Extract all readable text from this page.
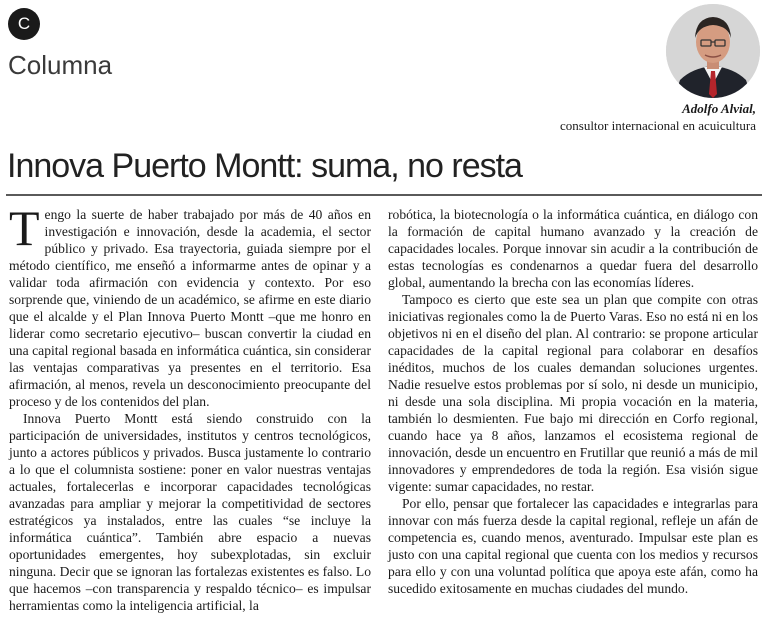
C
Columna
Adolfo Alvial,
consultor internacional en acuicultura
Innova Puerto Montt: suma, no resta

Tengo la suerte de haber trabajado por más de 40 años en investigación e innovación, desde la academia, el sector público y privado. Esa trayectoria, guiada siempre por el método científico, me enseñó a informarme antes de opinar y a validar toda afirmación con evidencia y contexto. Por eso sorprende que, viniendo de un académico, se afirme en este diario que el alcalde y el Plan Innova Puerto Montt –que me honro en liderar como secretario ejecutivo– buscan convertir la ciudad en una capital regional basada en informática cuántica, sin considerar las ventajas comparativas ya presentes en el territorio. Esa afirmación, al menos, revela un desconocimiento preocupante del proceso y de los contenidos del plan.

Innova Puerto Montt está siendo construido con la participación de universidades, institutos y centros tecnológicos, junto a actores públicos y privados. Busca justamente lo contrario a lo que el columnista sostiene: poner en valor nuestras ventajas actuales, fortalecerlas e incorporar capacidades tecnológicas avanzadas para ampliar y mejorar la competitividad de sectores estratégicos ya instalados, entre las cuales “se incluye la informática cuántica”. También abre espacio a nuevas oportunidades emergentes, hoy subexplotadas, sin excluir ninguna. Decir que se ignoran las fortalezas existentes es falso. Lo que hacemos –con transparencia y respaldo técnico– es impulsar herramientas como la inteligencia artificial, la

robótica, la biotecnología o la informática cuántica, en diálogo con la formación de capital humano avanzado y la creación de capacidades locales. Porque innovar sin acudir a la contribución de estas tecnologías es condenarnos a quedar fuera del desarrollo global, aumentando la brecha con las economías líderes.

Tampoco es cierto que este sea un plan que compite con otras iniciativas regionales como la de Puerto Varas. Eso no está ni en los objetivos ni en el diseño del plan. Al contrario: se propone articular capacidades de la capital regional para colaborar en desafíos inéditos, muchos de los cuales demandan soluciones urgentes. Nadie resuelve estos problemas por sí solo, ni desde un municipio, ni desde una sola disciplina. Mi propia vocación en la materia, también lo desmienten. Fue bajo mi dirección en Corfo regional, cuando hace ya 8 años, lanzamos el ecosistema regional de innovación, desde un encuentro en Frutillar que reunió a más de mil innovadores y emprendedores de toda la región. Esa visión sigue vigente: sumar capacidades, no restar.

Por ello, pensar que fortalecer las capacidades e integrarlas para innovar con más fuerza desde la capital regional, refleje un afán de competencia es, cuando menos, aventurado. Impulsar este plan es justo con una capital regional que cuenta con los medios y recursos para ello y con una voluntad política que apoya este afán, como ha sucedido exitosamente en muchas ciudades del mundo.
